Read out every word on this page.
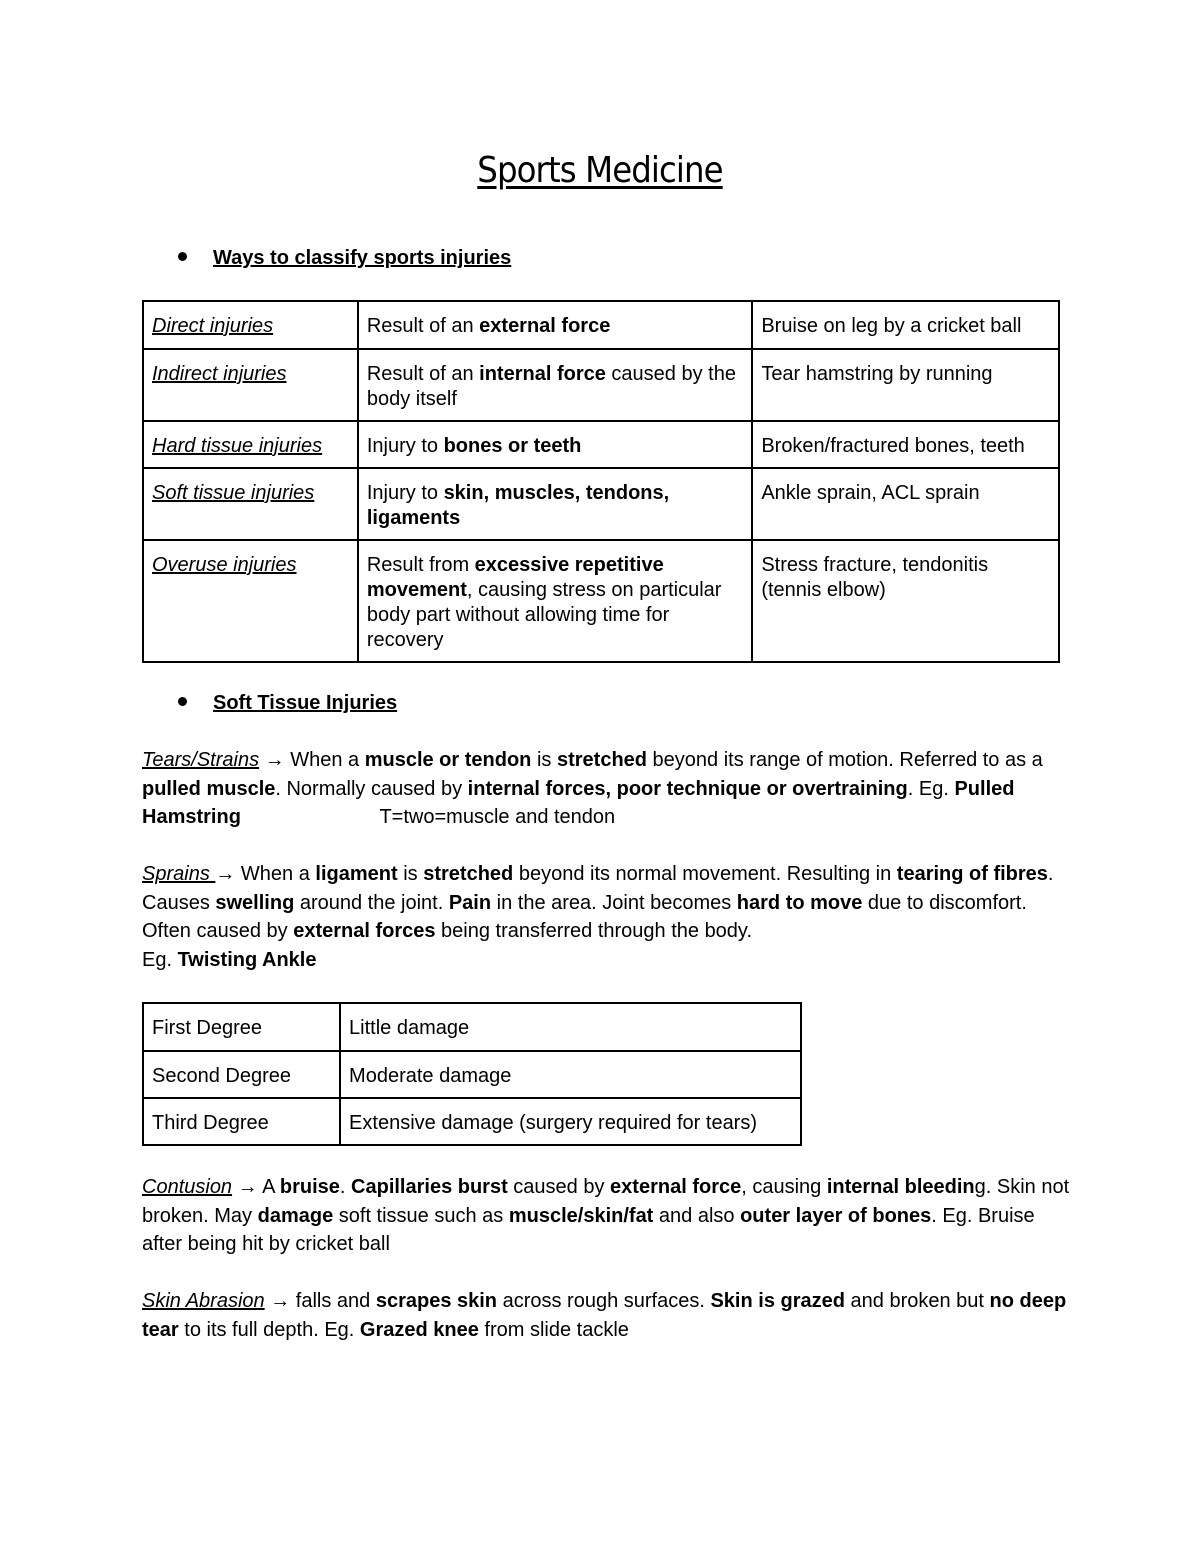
Sports Medicine
Ways to classify sports injuries
Direct injuries	Result of an external force	Bruise on leg by a cricket ball
Indirect injuries	Result of an internal force caused by the body itself	Tear hamstring by running
Hard tissue injuries	Injury to bones or teeth	Broken/fractured bones, teeth
Soft tissue injuries	Injury to skin, muscles, tendons, ligaments	Ankle sprain, ACL sprain
Overuse injuries	Result from excessive repetitive movement, causing stress on particular body part without allowing time for recovery	Stress fracture, tendonitis (tennis elbow)
Soft Tissue Injuries
Tears/Strains → When a muscle or tendon is stretched beyond its range of motion. Referred to as a pulled muscle. Normally caused by internal forces, poor technique or overtraining. Eg. Pulled Hamstring                         T=two=muscle and tendon
Sprains → When a ligament is stretched beyond its normal movement. Resulting in tearing of fibres. Causes swelling around the joint. Pain in the area. Joint becomes hard to move due to discomfort. Often caused by external forces being transferred through the body.
Eg. Twisting Ankle
First Degree	Little damage
Second Degree	Moderate damage
Third Degree	Extensive damage (surgery required for tears)
Contusion → A bruise. Capillaries burst caused by external force, causing internal bleeding. Skin not broken. May damage soft tissue such as muscle/skin/fat and also outer layer of bones. Eg. Bruise after being hit by cricket ball
Skin Abrasion → falls and scrapes skin across rough surfaces. Skin is grazed and broken but no deep tear to its full depth. Eg. Grazed knee from slide tackle
